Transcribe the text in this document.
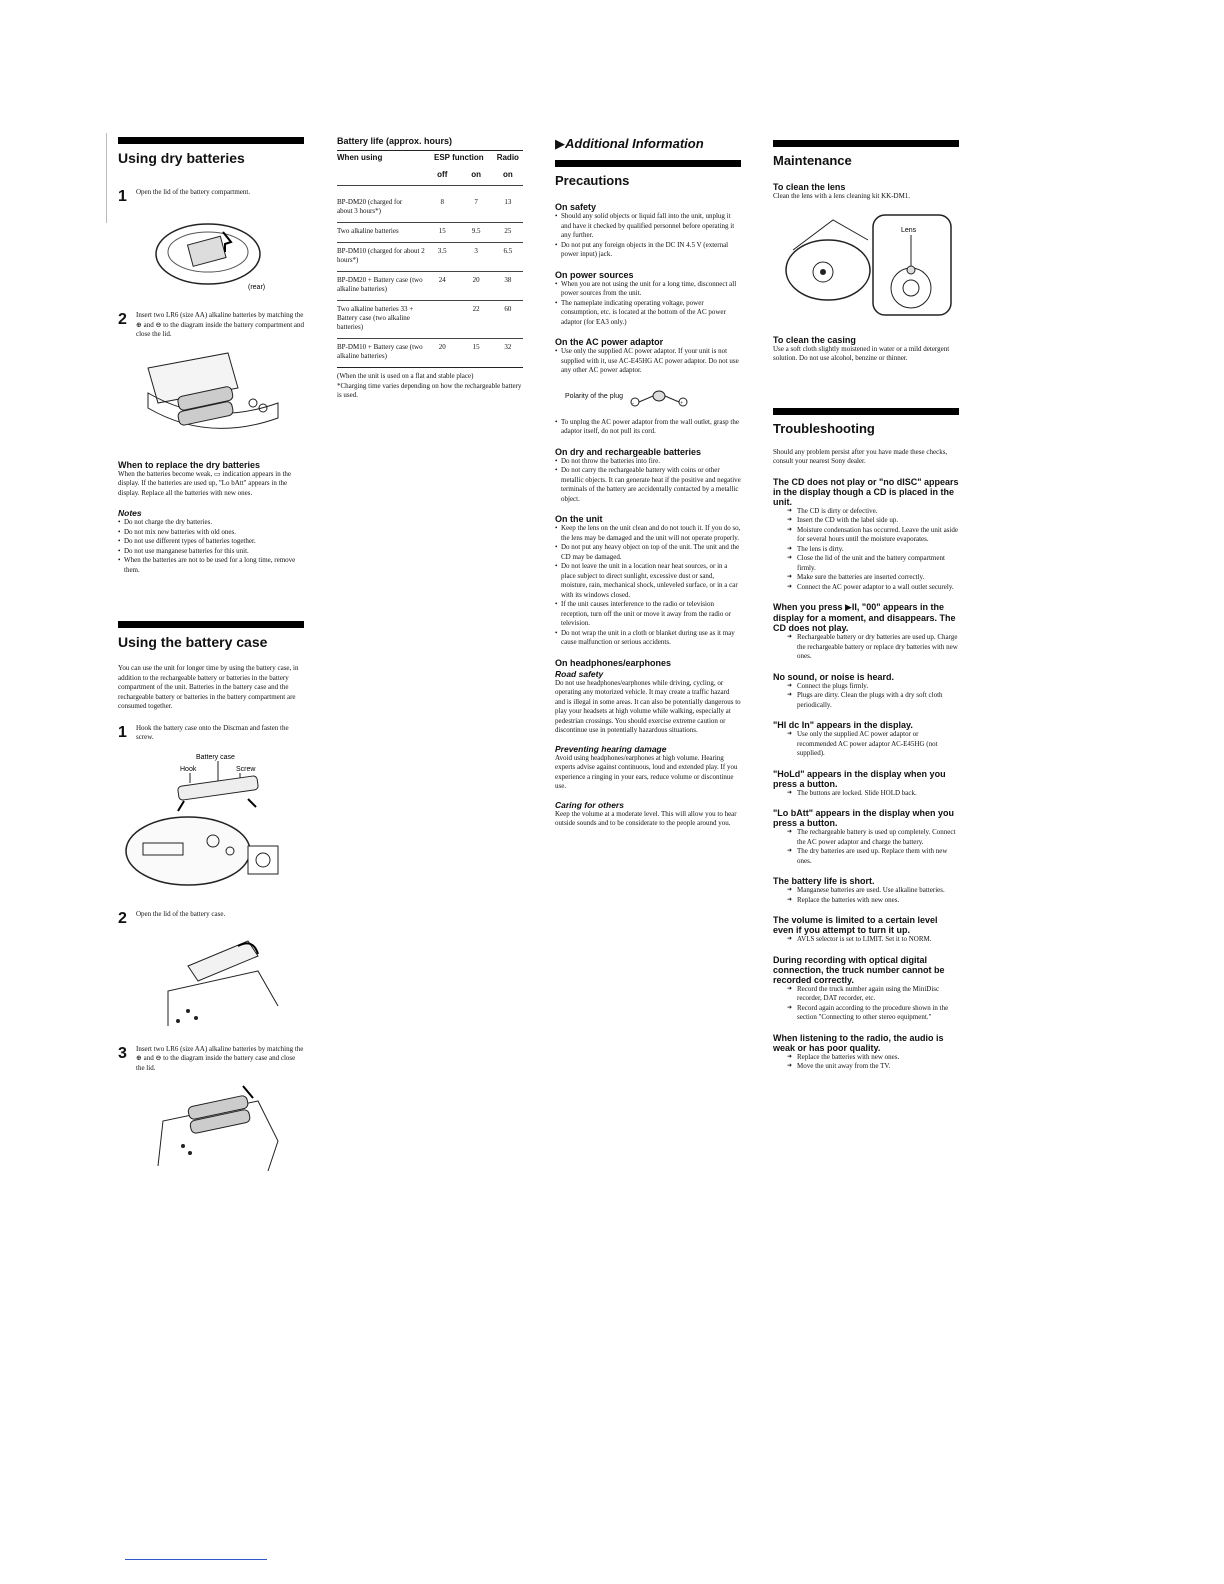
Using dry batteries
1	Open the lid of the battery compartment.
(rear)
2	Insert two LR6 (size AA) alkaline batteries by matching the ⊕ and ⊖ to the diagram inside the battery compartment and close the lid.
When to replace the dry batteries
When the batteries become weak, ▭ indication appears in the display. If the batteries are used up, "Lo bAtt" appears in the display. Replace all the batteries with new ones.
Notes
• Do not charge the dry batteries.
• Do not mix new batteries with old ones.
• Do not use different types of batteries together.
• Do not use manganese batteries for this unit.
• When the batteries are not to be used for a long time, remove them.
Using the battery case
You can use the unit for longer time by using the battery case, in addition to the rechargeable battery or batteries in the battery compartment of the unit. Batteries in the battery case and the rechargeable battery or batteries in the battery compartment are consumed together.
1	Hook the battery case onto the Discman and fasten the screw.
Battery case
Hook	Screw
2	Open the lid of the battery case.
3	Insert two LR6 (size AA) alkaline batteries by matching the ⊕ and ⊖ to the diagram inside the battery case and close the lid.
Battery life (approx. hours)
When using	ESP function		Radio
	off	on	on
BP-DM20 (charged for about 3 hours*)	8	7	13
Two alkaline batteries	15	9.5	25
BP-DM10 (charged for about 2 hours*)	3.5	3	6.5
BP-DM20 + Battery case (two alkaline batteries)	24	20	38
Two alkaline batteries 33 + Battery case (two alkaline batteries)		22	60
BP-DM10 + Battery case (two alkaline batteries)	20	15	32
(When the unit is used on a flat and stable place)
*Charging time varies depending on how the rechargeable battery is used.
▶Additional Information
Precautions
On safety
• Should any solid objects or liquid fall into the unit, unplug it and have it checked by qualified personnel before operating it any further.
• Do not put any foreign objects in the DC IN 4.5 V (external power input) jack.
On power sources
• When you are not using the unit for a long time, disconnect all power sources from the unit.
• The nameplate indicating operating voltage, power consumption, etc. is located at the bottom of the AC power adaptor (for EA3 only.)
On the AC power adaptor
• Use only the supplied AC power adaptor. If your unit is not supplied with it, use AC-E45HG AC power adaptor. Do not use any other AC power adaptor.
Polarity of the plug
-	+
• To unplug the AC power adaptor from the wall outlet, grasp the adaptor itself, do not pull its cord.
On dry and rechargeable batteries
• Do not throw the batteries into fire.
• Do not carry the rechargeable battery with coins or other metallic objects. It can generate heat if the positive and negative terminals of the battery are accidentally contacted by a metallic object.
On the unit
• Keep the lens on the unit clean and do not touch it. If you do so, the lens may be damaged and the unit will not operate properly.
• Do not put any heavy object on top of the unit. The unit and the CD may be damaged.
• Do not leave the unit in a location near heat sources, or in a place subject to direct sunlight, excessive dust or sand, moisture, rain, mechanical shock, unleveled surface, or in a car with its windows closed.
• If the unit causes interference to the radio or television reception, turn off the unit or move it away from the radio or television.
• Do not wrap the unit in a cloth or blanket during use as it may cause malfunction or serious accidents.
On headphones/earphones
Road safety
Do not use headphones/earphones while driving, cycling, or operating any motorized vehicle. It may create a traffic hazard and is illegal in some areas. It can also be potentially dangerous to play your headsets at high volume while walking, especially at pedestrian crossings. You should exercise extreme caution or discontinue use in potentially hazardous situations.
Preventing hearing damage
Avoid using headphones/earphones at high volume. Hearing experts advise against continuous, loud and extended play. If you experience a ringing in your ears, reduce volume or discontinue use.
Caring for others
Keep the volume at a moderate level. This will allow you to hear outside sounds and to be considerate to the people around you.
Maintenance
To clean the lens
Clean the lens with a lens cleaning kit KK-DM1.
Lens
To clean the casing
Use a soft cloth slightly moistened in water or a mild detergent solution. Do not use alcohol, benzine or thinner.
Troubleshooting
Should any problem persist after you have made these checks, consult your nearest Sony dealer.
The CD does not play or "no dISC" appears in the display though a CD is placed in the unit.
➜ The CD is dirty or defective.
➜ Insert the CD with the label side up.
➜ Moisture condensation has occurred. Leave the unit aside for several hours until the moisture evaporates.
➜ The lens is dirty.
➜ Close the lid of the unit and the battery compartment firmly.
➜ Make sure the batteries are inserted correctly.
➜ Connect the AC power adaptor to a wall outlet securely.
When you press ▶II, "00" appears in the display for a moment, and disappears. The CD does not play.
➜ Rechargeable battery or dry batteries are used up. Charge the rechargeable battery or replace dry batteries with new ones.
No sound, or noise is heard.
➜ Connect the plugs firmly.
➜ Plugs are dirty. Clean the plugs with a dry soft cloth periodically.
"HI dc In" appears in the display.
➜ Use only the supplied AC power adaptor or recommended AC power adaptor AC-E45HG (not supplied).
"HoLd" appears in the display when you press a button.
➜ The buttons are locked. Slide HOLD back.
"Lo bAtt" appears in the display when you press a button.
➜ The rechargeable battery is used up completely. Connect the AC power adaptor and charge the battery.
➜ The dry batteries are used up. Replace them with new ones.
The battery life is short.
➜ Manganese batteries are used. Use alkaline batteries.
➜ Replace the batteries with new ones.
The volume is limited to a certain level even if you attempt to turn it up.
➜ AVLS selector is set to LIMIT. Set it to NORM.
During recording with optical digital connection, the truck number cannot be recorded correctly.
➜ Record the truck number again using the MiniDisc recorder, DAT recorder, etc.
➜ Record again according to the procedure shown in the section "Connecting to other stereo equipment."
When listening to the radio, the audio is weak or has poor quality.
➜ Replace the batteries with new ones.
➜ Move the unit away from the TV.
